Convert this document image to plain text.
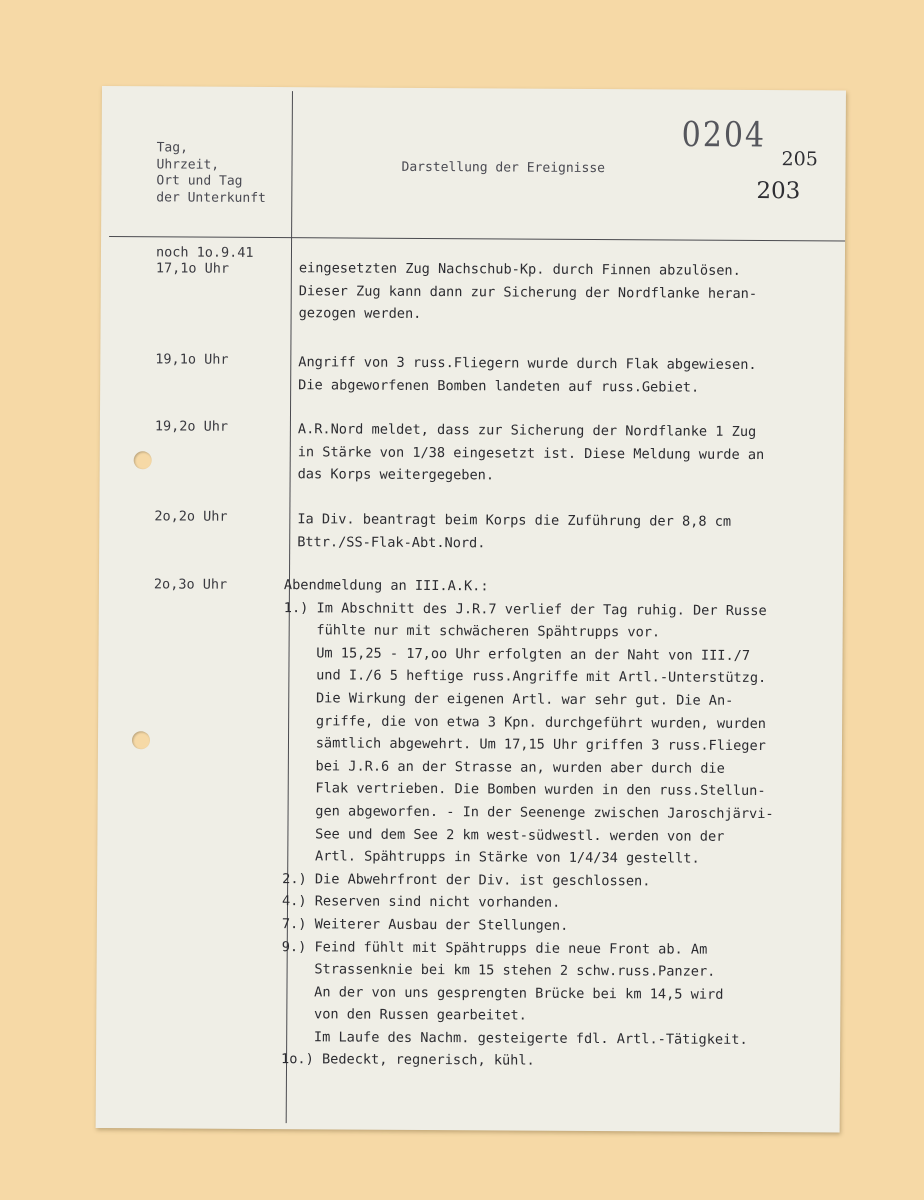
Tag,
Uhrzeit,
Ort und Tag
der Unterkunft
Darstellung der Ereignisse
0204
205
203
noch 1o.9.41
17,1o Uhr	eingesetzten Zug Nachschub-Kp. durch Finnen abzulösen.
Dieser Zug kann dann zur Sicherung der Nordflanke heran-
gezogen werden.
19,1o Uhr	Angriff von 3 russ.Fliegern wurde durch Flak abgewiesen.
Die abgeworfenen Bomben landeten auf russ.Gebiet.
19,2o Uhr	A.R.Nord meldet, dass zur Sicherung der Nordflanke 1 Zug
in Stärke von 1/38 eingesetzt ist. Diese Meldung wurde an
das Korps weitergegeben.
2o,2o Uhr	Ia Div. beantragt beim Korps die Zuführung der 8,8 cm
Bttr./SS-Flak-Abt.Nord.
2o,3o Uhr	Abendmeldung an III.A.K.:
1.) Im Abschnitt des J.R.7 verlief der Tag ruhig. Der Russe
fühlte nur mit schwächeren Spähtrupps vor.
Um 15,25 - 17,oo Uhr erfolgten an der Naht von III./7
und I./6 5 heftige russ.Angriffe mit Artl.-Unterstützg.
Die Wirkung der eigenen Artl. war sehr gut. Die An-
griffe, die von etwa 3 Kpn. durchgeführt wurden, wurden
sämtlich abgewehrt. Um 17,15 Uhr griffen 3 russ.Flieger
bei J.R.6 an der Strasse an, wurden aber durch die
Flak vertrieben. Die Bomben wurden in den russ.Stellun-
gen abgeworfen. - In der Seenenge zwischen Jaroschjärvi-
See und dem See 2 km west-südwestl. werden von der
Artl. Spähtrupps in Stärke von 1/4/34 gestellt.
2.) Die Abwehrfront der Div. ist geschlossen.
4.) Reserven sind nicht vorhanden.
7.) Weiterer Ausbau der Stellungen.
9.) Feind fühlt mit Spähtrupps die neue Front ab. Am
Strassenknie bei km 15 stehen 2 schw.russ.Panzer.
An der von uns gesprengten Brücke bei km 14,5 wird
von den Russen gearbeitet.
Im Laufe des Nachm. gesteigerte fdl. Artl.-Tätigkeit.
1o.) Bedeckt, regnerisch, kühl.
